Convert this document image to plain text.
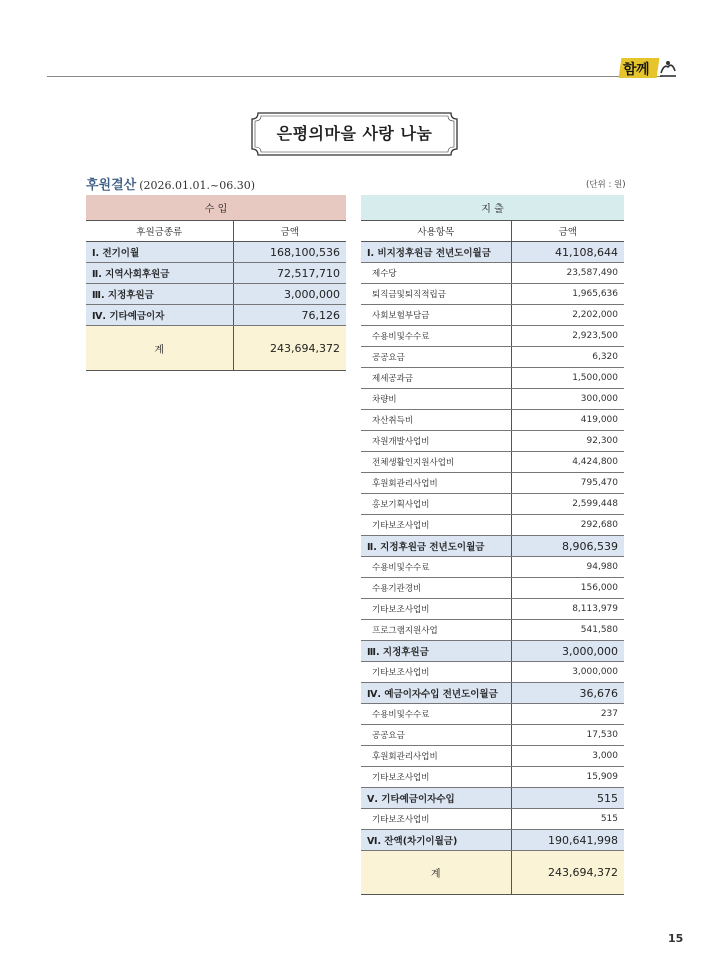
함께
은평의마을 사랑 나눔
후원결산 (2026.01.01.~06.30)	(단위 : 원)
수 입	
후원금종류	금액
Ⅰ. 전기이월	168,100,536
Ⅱ. 지역사회후원금	72,517,710
Ⅲ. 지정후원금	3,000,000
Ⅳ. 기타예금이자	76,126
계	243,694,372
지 출	
사용항목	금액
Ⅰ. 비지정후원금 전년도이월금	41,108,644
제수당	23,587,490
퇴직금및퇴직적립금	1,965,636
사회보험부담금	2,202,000
수용비및수수료	2,923,500
공공요금	6,320
제세공과금	1,500,000
차량비	300,000
자산취득비	419,000
자원개발사업비	92,300
전체생활인지원사업비	4,424,800
후원회관리사업비	795,470
홍보기획사업비	2,599,448
기타보조사업비	292,680
Ⅱ. 지정후원금 전년도이월금	8,906,539
수용비및수수료	94,980
수용기관경비	156,000
기타보조사업비	8,113,979
프로그램지원사업	541,580
Ⅲ. 지정후원금	3,000,000
기타보조사업비	3,000,000
Ⅳ. 예금이자수입 전년도이월금	36,676
수용비및수수료	237
공공요금	17,530
후원회관리사업비	3,000
기타보조사업비	15,909
Ⅴ. 기타예금이자수입	515
기타보조사업비	515
Ⅵ. 잔액(차기이월금)	190,641,998
계	243,694,372
15
